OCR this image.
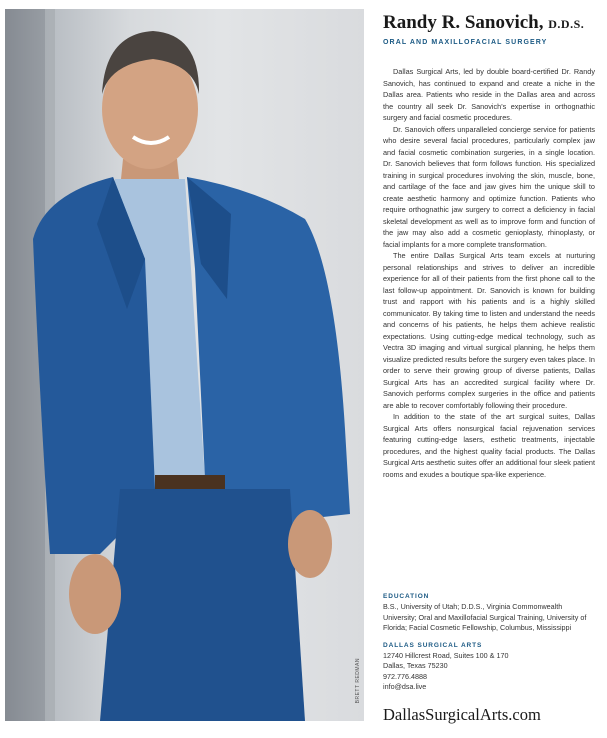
BRETT REDMAN
Randy R. Sanovich, D.D.S.
ORAL AND MAXILLOFACIAL SURGERY

Dallas Surgical Arts, led by double board-certified Dr. Randy Sanovich, has continued to expand and create a niche in the Dallas area. Patients who reside in the Dallas area and across the country all seek Dr. Sanovich's expertise in orthognathic surgery and facial cosmetic procedures.

Dr. Sanovich offers unparalleled concierge service for patients who desire several facial procedures, particularly complex jaw and facial cosmetic combination surgeries, in a single location. Dr. Sanovich believes that form follows function. His specialized training in surgical procedures involving the skin, muscle, bone, and cartilage of the face and jaw gives him the unique skill to create aesthetic harmony and optimize function. Patients who require orthognathic jaw surgery to correct a deficiency in facial skeletal development as well as to improve form and function of the jaw may also add a cosmetic genioplasty, rhinoplasty, or facial implants for a more complete transformation.

The entire Dallas Surgical Arts team excels at nurturing personal relationships and strives to deliver an incredible experience for all of their patients from the first phone call to the last follow-up appointment. Dr. Sanovich is known for building trust and rapport with his patients and is a highly skilled communicator. By taking time to listen and understand the needs and concerns of his patients, he helps them achieve realistic expectations. Using cutting-edge medical technology, such as Vectra 3D imaging and virtual surgical planning, he helps them visualize predicted results before the surgery even takes place. In order to serve their growing group of diverse patients, Dallas Surgical Arts has an accredited surgical facility where Dr. Sanovich performs complex surgeries in the office and patients are able to recover comfortably following their procedure.

In addition to the state of the art surgical suites, Dallas Surgical Arts offers nonsurgical facial rejuvenation services featuring cutting-edge lasers, esthetic treatments, injectable procedures, and the highest quality facial products. The Dallas Surgical Arts aesthetic suites offer an additional four sleek patient rooms and exudes a boutique spa-like experience.

EDUCATION

B.S., University of Utah; D.D.S., Virginia Commonwealth University; Oral and Maxillofacial Surgical Training, University of Florida; Facial Cosmetic Fellowship, Columbus, Mississippi

DALLAS SURGICAL ARTS

12740 Hillcrest Road, Suites 100 & 170

Dallas, Texas 75230

972.776.4888

info@dsa.live

DallasSurgicalArts.com
